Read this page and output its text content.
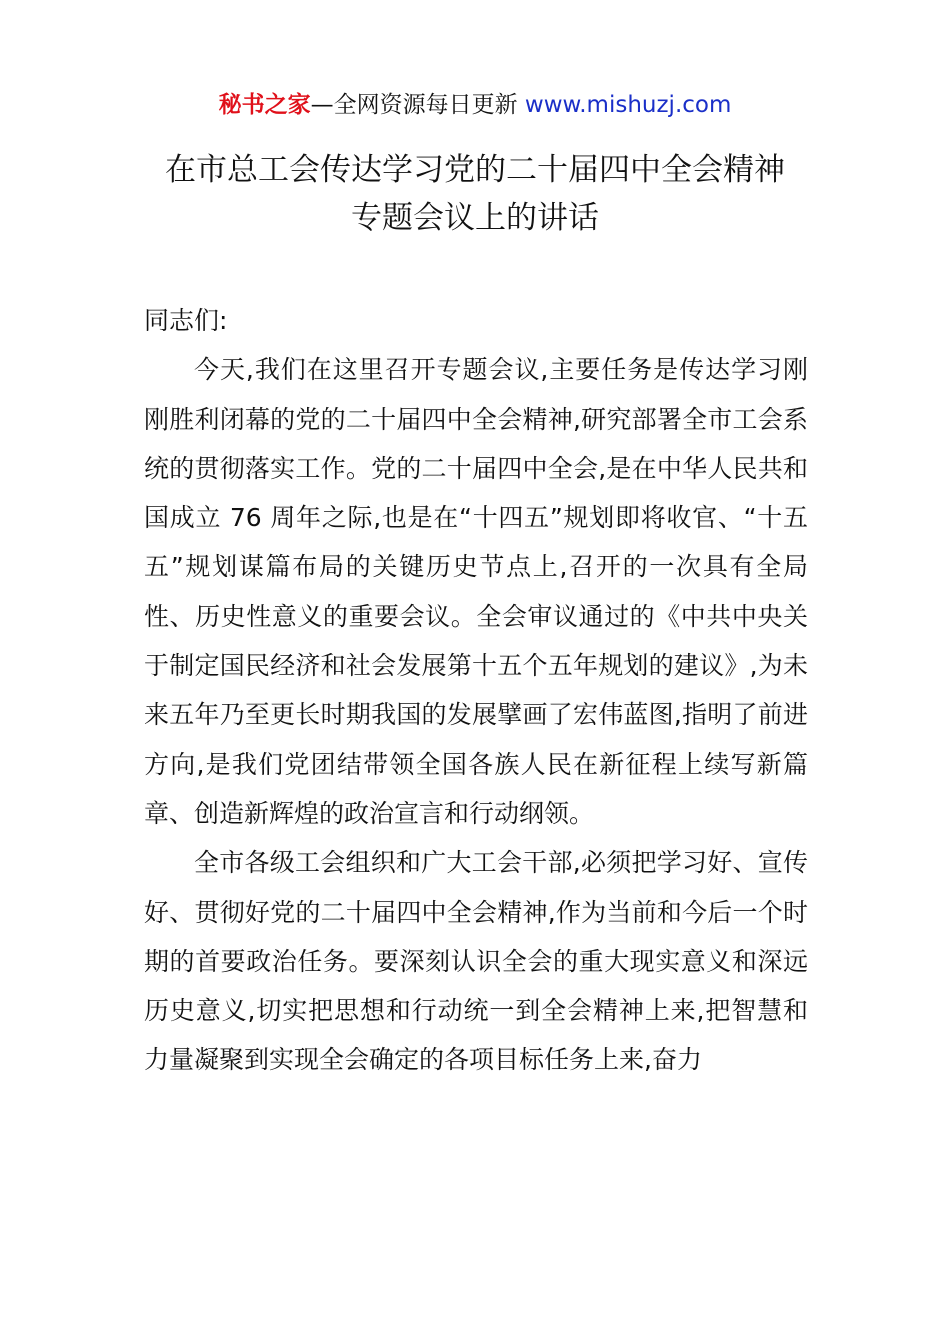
秘书之家—全网资源每日更新 www.mishuzj.com
在市总工会传达学习党的二十届四中全会精神
专题会议上的讲话

同志们:

今天,我们在这里召开专题会议,主要任务是传达学习刚刚胜利闭幕的党的二十届四中全会精神,研究部署全市工会系统的贯彻落实工作。党的二十届四中全会,是在中华人民共和国成立 76 周年之际,也是在“十四五”规划即将收官、“十五五”规划谋篇布局的关键历史节点上,召开的一次具有全局性、历史性意义的重要会议。全会审议通过的《中共中央关于制定国民经济和社会发展第十五个五年规划的建议》,为未来五年乃至更长时期我国的发展擘画了宏伟蓝图,指明了前进方向,是我们党团结带领全国各族人民在新征程上续写新篇章、创造新辉煌的政治宣言和行动纲领。

全市各级工会组织和广大工会干部,必须把学习好、宣传好、贯彻好党的二十届四中全会精神,作为当前和今后一个时期的首要政治任务。要深刻认识全会的重大现实意义和深远历史意义,切实把思想和行动统一到全会精神上来,把智慧和力量凝聚到实现全会确定的各项目标任务上来,奋力
